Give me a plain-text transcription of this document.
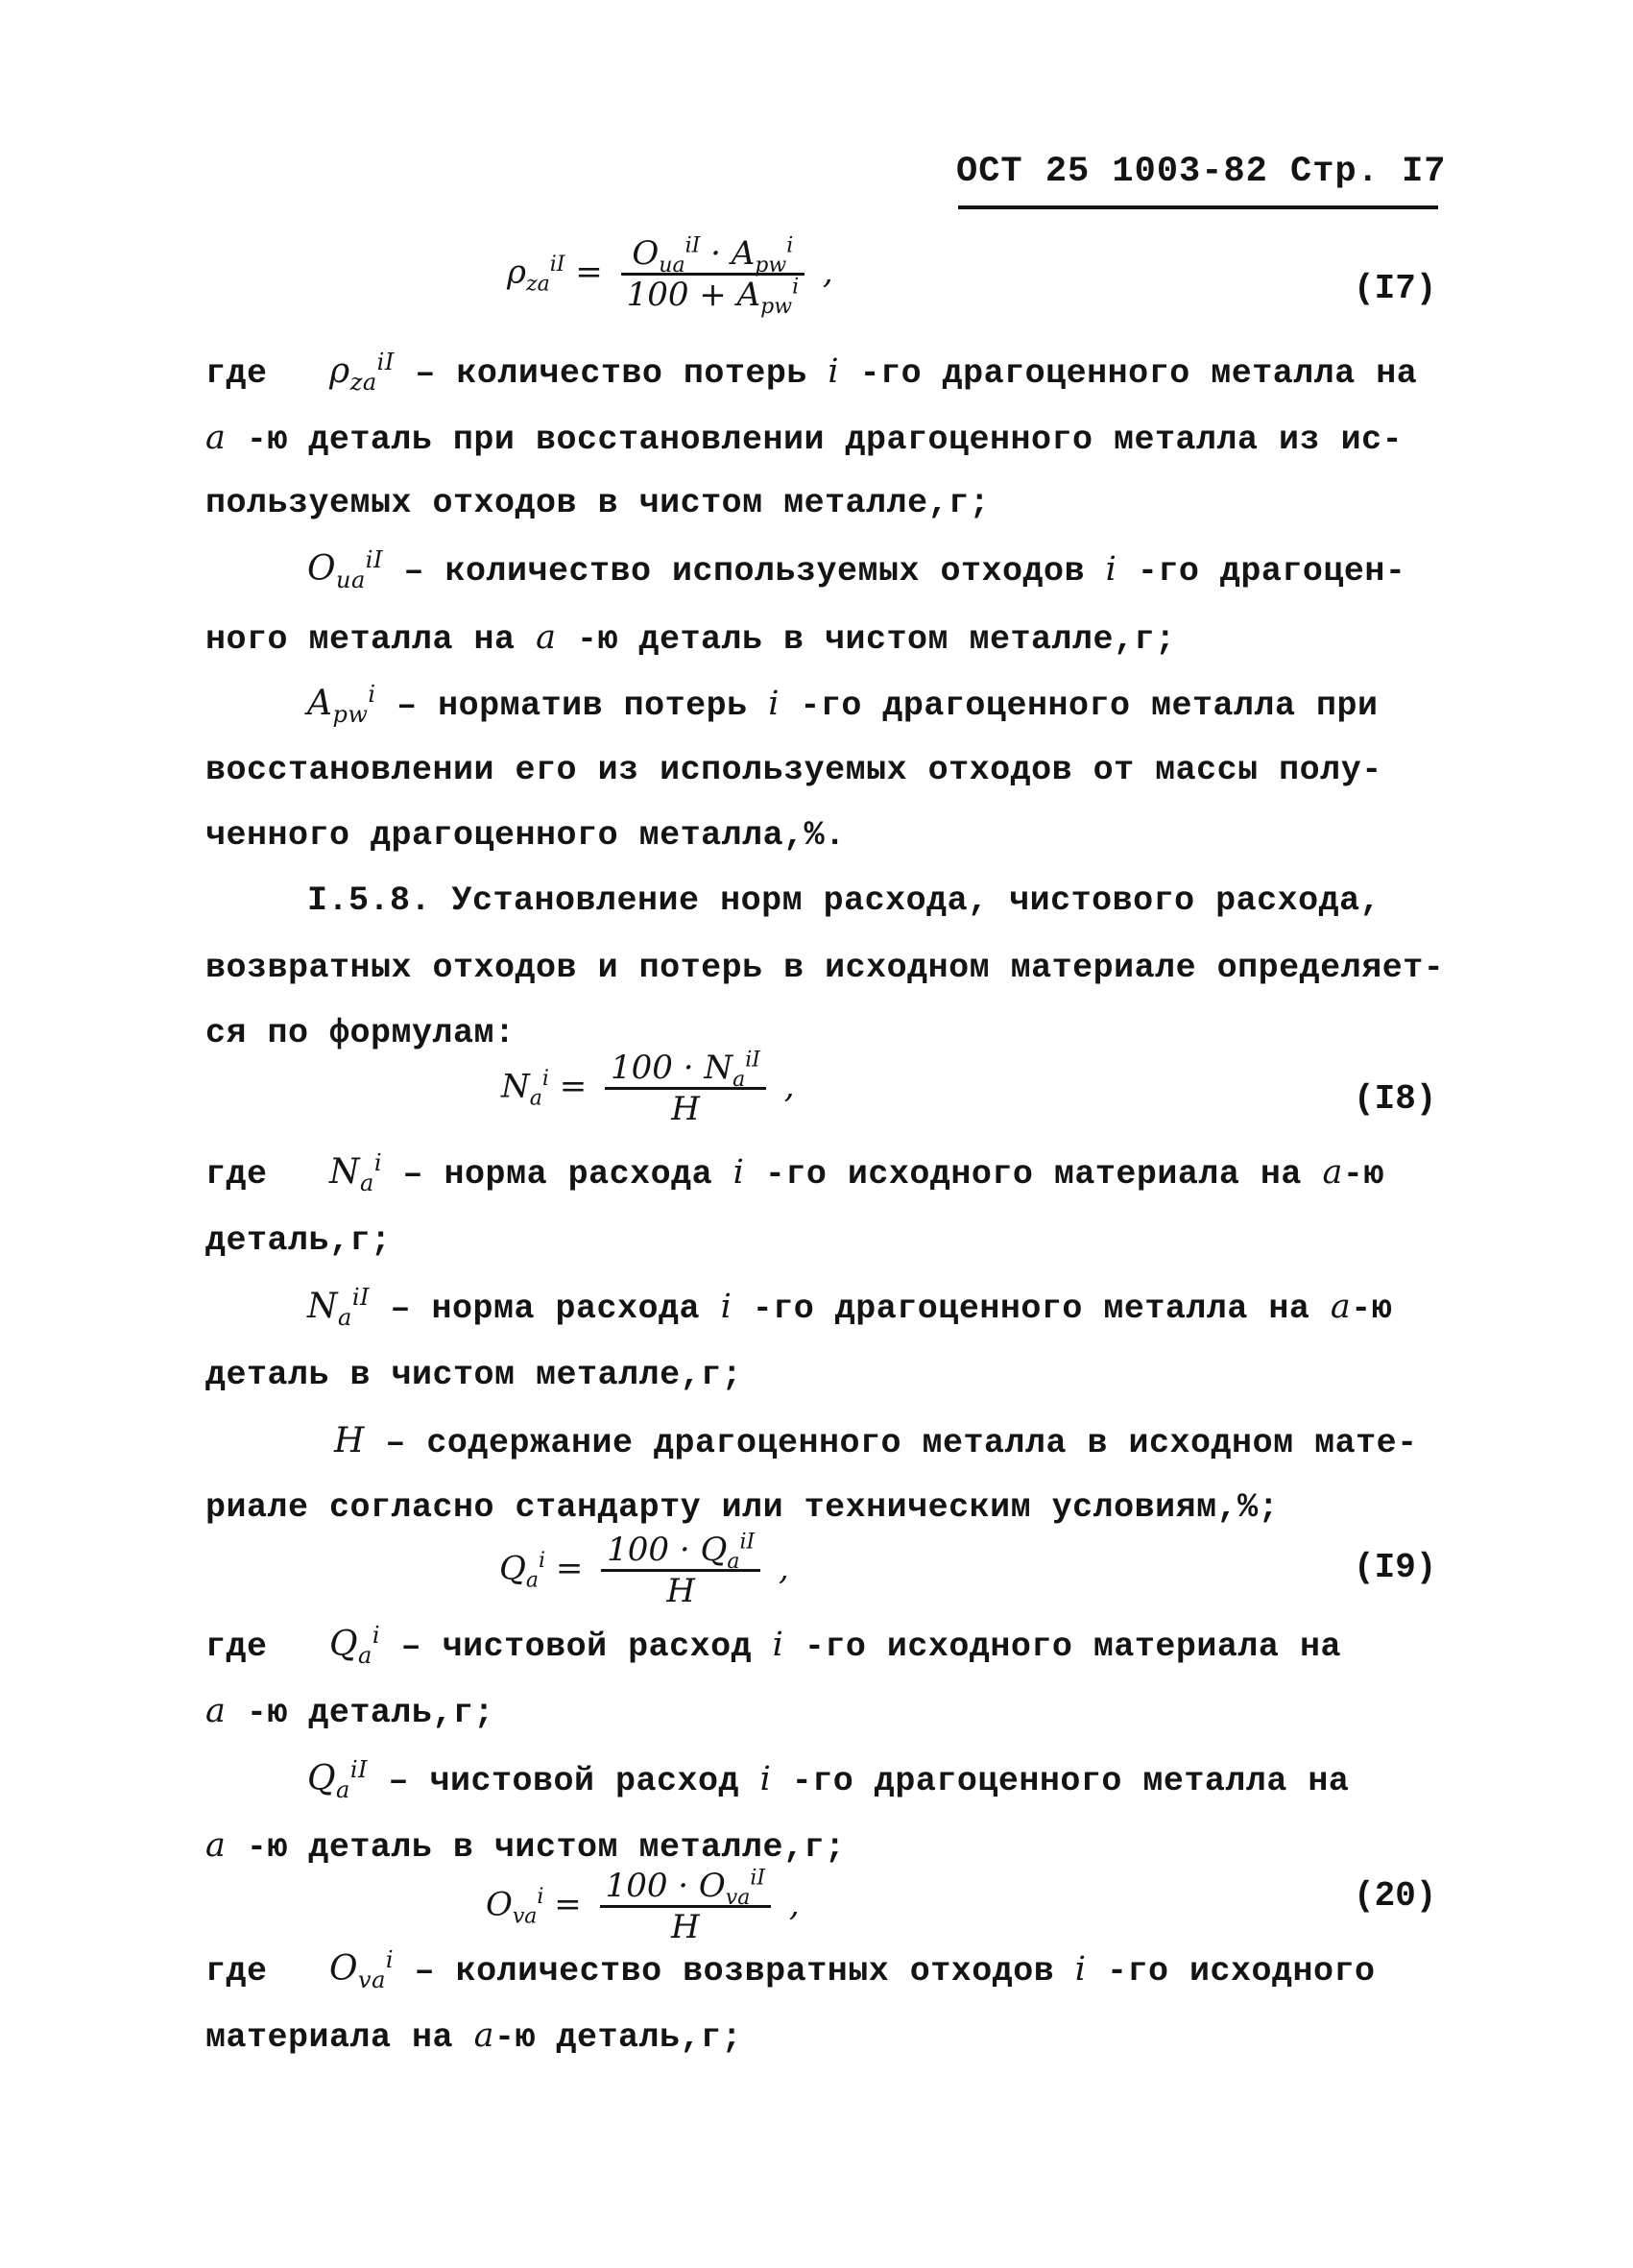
ОСТ 25 1003-82 Стр. I7
$\rho_{za}^{iI} = \frac{O_{ua}^{iI} \cdot A_{pw}^i}{100 + A_{pw}^i}$ ,	(I7)
где $\rho_{za}^{iI}$ – количество потерь i -го драгоценного металла на
a -ю деталь при восстановлении драгоценного металла из ис-
пользуемых отходов в чистом металле,г;
$O_{ua}^{iI}$ – количество используемых отходов i -го драгоцен-
ного металла на a -ю деталь в чистом металле,г;
$A_{pw}^i$ – норматив потерь i -го драгоценного металла при
восстановлении его из используемых отходов от массы полу-
ченного драгоценного металла,%.
I.5.8. Установление норм расхода, чистового расхода,
возвратных отходов и потерь в исходном материале определяет-
ся по формулам:
$N_a^i = \frac{100 \cdot N_a^{iI}}{H}$ ,	(I8)
где $N_a^i$ – норма расхода i -го исходного материала на a-ю
деталь,г;
$N_a^{iI}$ – норма расхода i -го драгоценного металла на a-ю
деталь в чистом металле,г;
H – содержание драгоценного металла в исходном мате-
риале согласно стандарту или техническим условиям,%;
$Q_a^i = \frac{100 \cdot Q_a^{iI}}{H}$ ,	(I9)
где $Q_a^i$ – чистовой расход i -го исходного материала на
a -ю деталь,г;
$Q_a^{iI}$ – чистовой расход i -го драгоценного металла на
a -ю деталь в чистом металле,г;
$O_{va}^i = \frac{100 \cdot O_{va}^{iI}}{H}$ ,	(20)
где $O_{va}^i$ – количество возвратных отходов i -го исходного
материала на a-ю деталь,г;
